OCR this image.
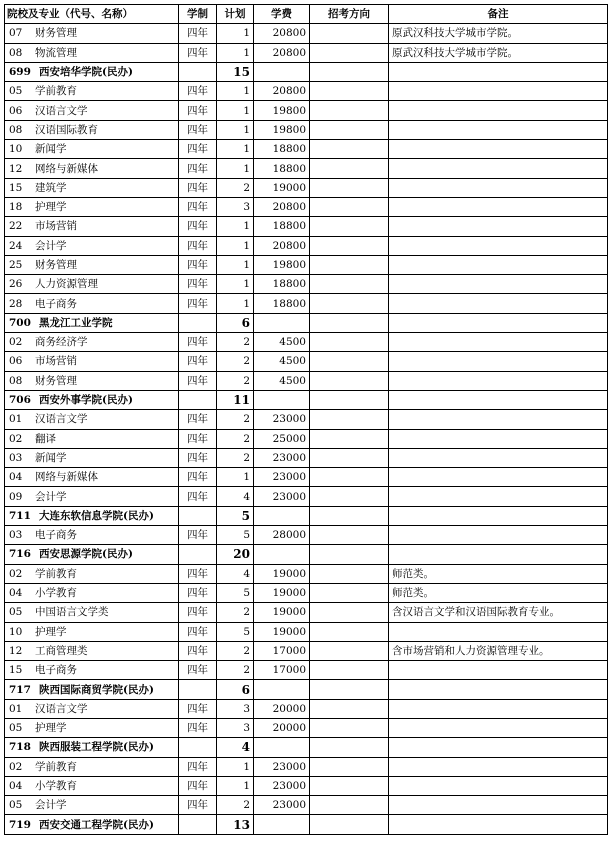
院校及专业（代号、名称）	学制	计划	学费	招考方向	备注
07 财务管理	四年	1	20800		原武汉科技大学城市学院。
08 物流管理	四年	1	20800		原武汉科技大学城市学院。
699 西安培华学院(民办)		15			
05 学前教育	四年	1	20800		
06 汉语言文学	四年	1	19800		
08 汉语国际教育	四年	1	19800		
10 新闻学	四年	1	18800		
12 网络与新媒体	四年	1	18800		
15 建筑学	四年	2	19000		
18 护理学	四年	3	20800		
22 市场营销	四年	1	18800		
24 会计学	四年	1	20800		
25 财务管理	四年	1	19800		
26 人力资源管理	四年	1	18800		
28 电子商务	四年	1	18800		
700 黑龙江工业学院		6			
02 商务经济学	四年	2	4500		
06 市场营销	四年	2	4500		
08 财务管理	四年	2	4500		
706 西安外事学院(民办)		11			
01 汉语言文学	四年	2	23000		
02 翻译	四年	2	25000		
03 新闻学	四年	2	23000		
04 网络与新媒体	四年	1	23000		
09 会计学	四年	4	23000		
711 大连东软信息学院(民办)		5			
03 电子商务	四年	5	28000		
716 西安思源学院(民办)		20			
02 学前教育	四年	4	19000		师范类。
04 小学教育	四年	5	19000		师范类。
05 中国语言文学类	四年	2	19000		含汉语言文学和汉语国际教育专业。
10 护理学	四年	5	19000		
12 工商管理类	四年	2	17000		含市场营销和人力资源管理专业。
15 电子商务	四年	2	17000		
717 陕西国际商贸学院(民办)		6			
01 汉语言文学	四年	3	20000		
05 护理学	四年	3	20000		
718 陕西服装工程学院(民办)		4			
02 学前教育	四年	1	23000		
04 小学教育	四年	1	23000		
05 会计学	四年	2	23000		
719 西安交通工程学院(民办)		13			
